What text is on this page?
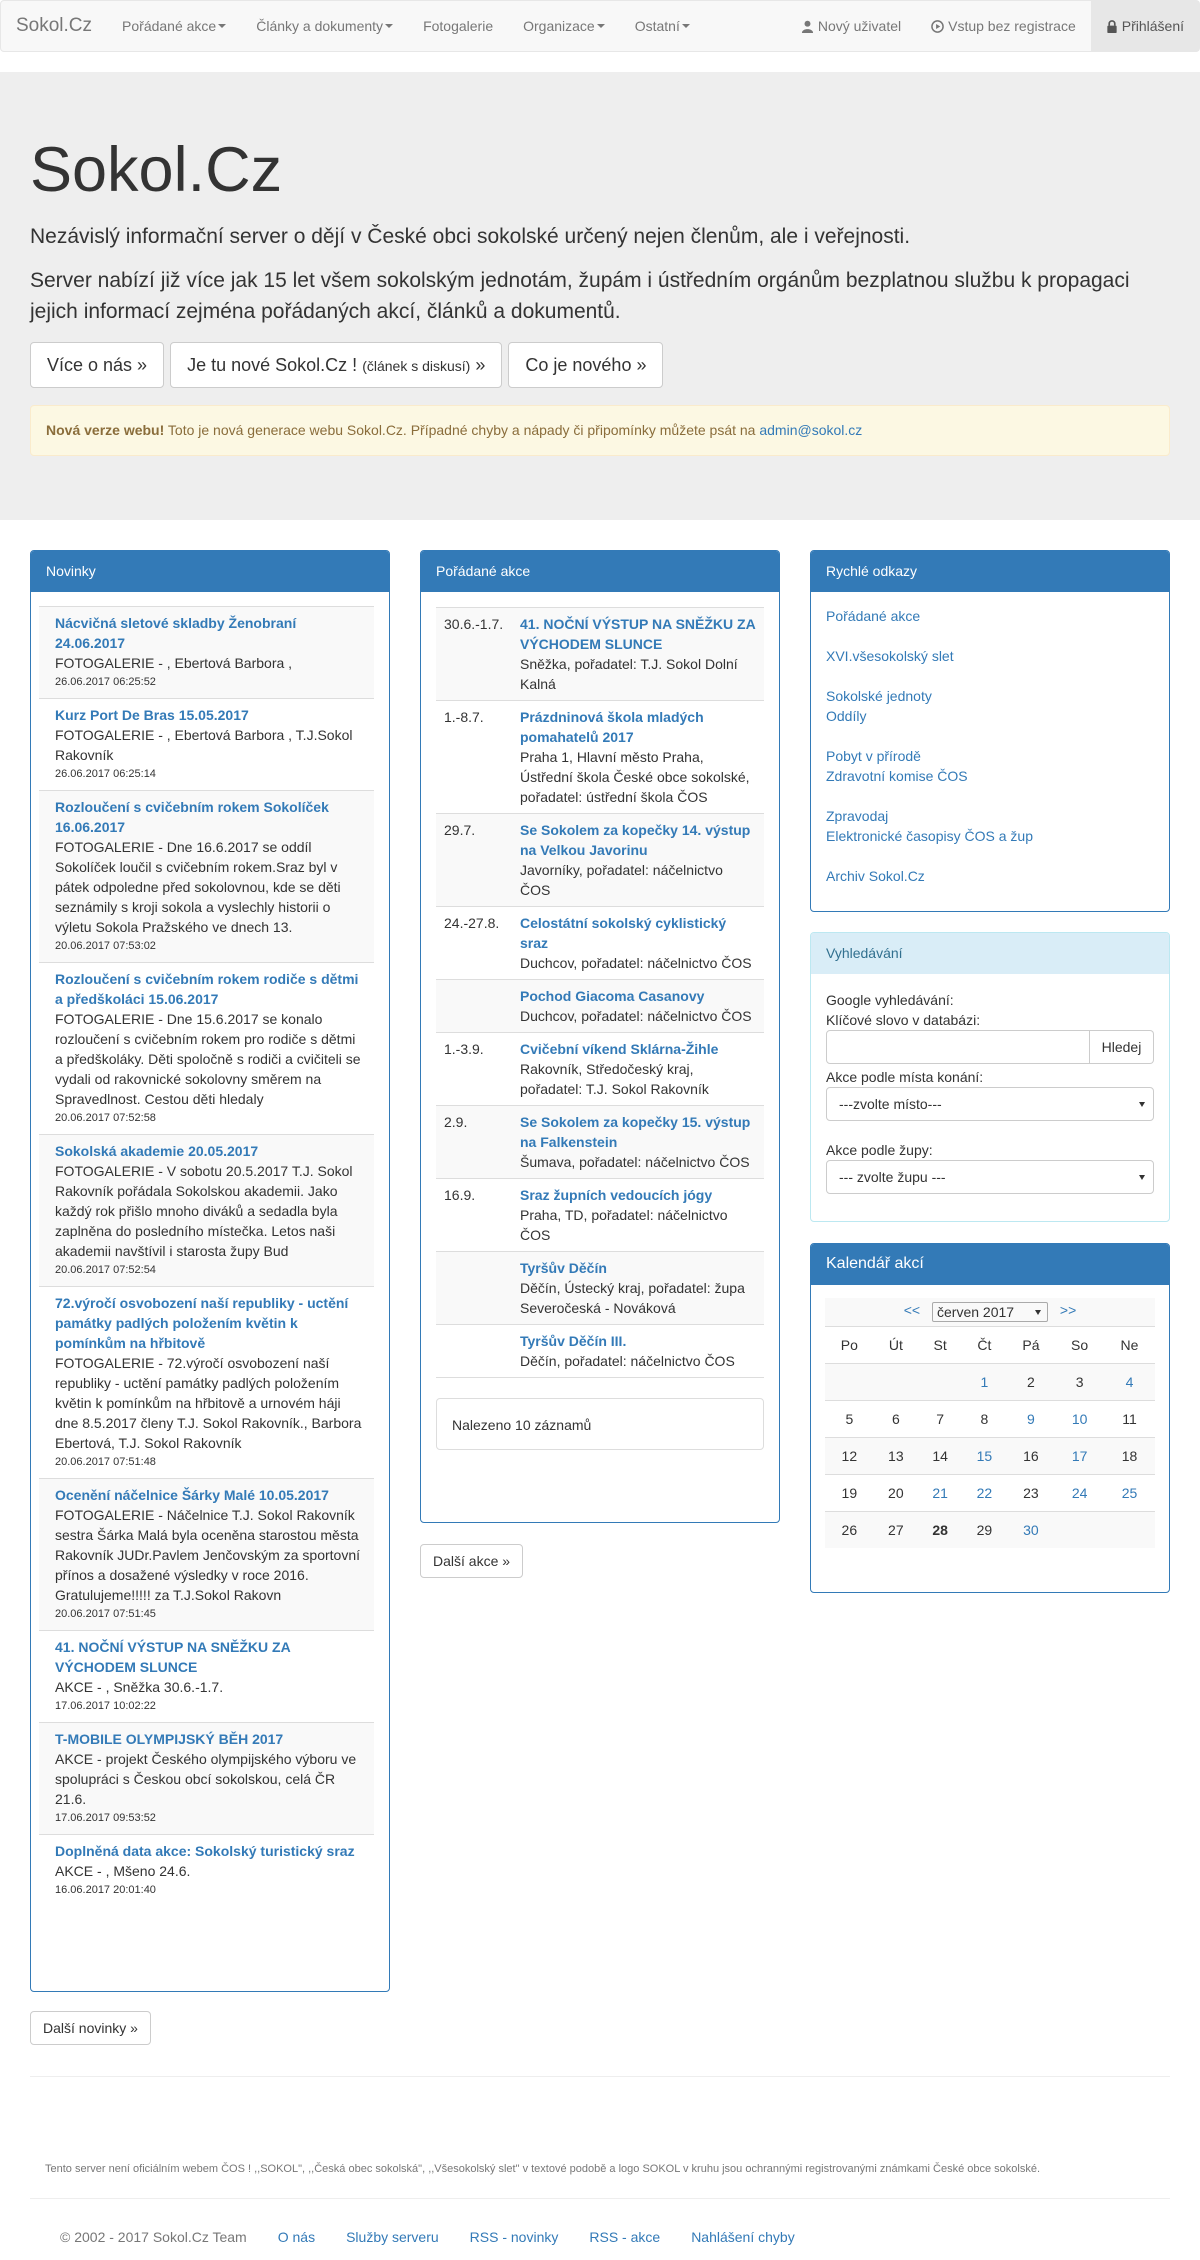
Sokol.Cz	Pořádané akce	Články a dokumenty	Fotogalerie Organizace	Ostatní	Nový uživatel	Vstup bez registrace	Přihlášení
Sokol.Cz

Nezávislý informační server o dějí v České obci sokolské určený nejen členům, ale i veřejnosti.

Server nabízí již více jak 15 let všem sokolským jednotám, župám i ústředním orgánům bezplatnou službu k propagaci jejich informací zejména pořádaných akcí, článků a dokumentů.

Více o nás »	Je tu nové Sokol.Cz ! (článek s diskusí) »	Co je nového »
Nová verze webu! Toto je nová generace webu Sokol.Cz. Případné chyby a nápady či připomínky můžete psát na admin@sokol.cz
Novinky
Nácvičná sletové skladby Ženobraní 24.06.2017
FOTOGALERIE - , Ebertová Barbora ,
26.06.2017 06:25:52
Kurz Port De Bras 15.05.2017
FOTOGALERIE - , Ebertová Barbora , T.J.Sokol Rakovník
26.06.2017 06:25:14
Rozloučení s cvičebním rokem Sokolíček 16.06.2017
FOTOGALERIE - Dne 16.6.2017 se oddíl Sokolíček loučil s cvičebním rokem.Sraz byl v pátek odpoledne před sokolovnou, kde se děti seznámily s kroji sokola a vyslechly historii o výletu Sokola Pražského ve dnech 13.
20.06.2017 07:53:02
Rozloučení s cvičebním rokem rodiče s dětmi a předškoláci 15.06.2017
FOTOGALERIE - Dne 15.6.2017 se konalo rozloučení s cvičebním rokem pro rodiče s dětmi a předškoláky. Děti spoločně s rodiči a cvičiteli se vydali od rakovnické sokolovny směrem na Spravedlnost. Cestou děti hledaly
20.06.2017 07:52:58
Sokolská akademie 20.05.2017
FOTOGALERIE - V sobotu 20.5.2017 T.J. Sokol Rakovník pořádala Sokolskou akademii. Jako každý rok přišlo mnoho diváků a sedadla byla zaplněna do posledního místečka. Letos naši akademii navštívil i starosta župy Bud
20.06.2017 07:52:54
72.výročí osvobození naší republiky - uctění památky padlých položením květin k pomínkům na hřbitově
FOTOGALERIE - 72.výročí osvobození naší republiky - uctění památky padlých položením květin k pomínkům na hřbitově a urnovém háji dne 8.5.2017 členy T.J. Sokol Rakovník., Barbora Ebertová, T.J. Sokol Rakovník
20.06.2017 07:51:48
Ocenění náčelnice Šárky Malé 10.05.2017
FOTOGALERIE - Náčelnice T.J. Sokol Rakovník sestra Šárka Malá byla oceněna starostou města Rakovník JUDr.Pavlem Jenčovským za sportovní přínos a dosažené výsledky v roce 2016. Gratulujeme!!!!! za T.J.Sokol Rakovn
20.06.2017 07:51:45
41. NOČNÍ VÝSTUP NA SNĚŽKU ZA VÝCHODEM SLUNCE
AKCE - , Sněžka 30.6.-1.7.
17.06.2017 10:02:22
T-MOBILE OLYMPIJSKÝ BĚH 2017
AKCE - projekt Českého olympijského výboru ve spolupráci s Českou obcí sokolskou, celá ČR 21.6.
17.06.2017 09:53:52
Doplněná data akce: Sokolský turistický sraz
AKCE - , Mšeno 24.6.
16.06.2017 20:01:40
Další novinky »
Pořádané akce
30.6.-1.7.	41. NOČNÍ VÝSTUP NA SNĚŽKU ZA VÝCHODEM SLUNCE
Sněžka, pořadatel: T.J. Sokol Dolní Kalná
1.-8.7.	Prázdninová škola mladých pomahatelů 2017
Praha 1, Hlavní město Praha, Ústřední škola České obce sokolské, pořadatel: ústřední škola ČOS
29.7.	Se Sokolem za kopečky 14. výstup na Velkou Javorinu
Javorníky, pořadatel: náčelnictvo ČOS
24.-27.8.	Celostátní sokolský cyklistický sraz
Duchcov, pořadatel: náčelnictvo ČOS
Pochod Giacoma Casanovy
Duchcov, pořadatel: náčelnictvo ČOS
1.-3.9.	Cvičební víkend Sklárna-Žihle
Rakovník, Středočeský kraj, pořadatel: T.J. Sokol Rakovník
2.9.	Se Sokolem za kopečky 15. výstup na Falkenstein
Šumava, pořadatel: náčelnictvo ČOS
16.9.	Sraz župních vedoucích jógy
Praha, TD, pořadatel: náčelnictvo ČOS
Tyršův Děčín
Děčín, Ústecký kraj, pořadatel: župa Severočeská - Nováková
Tyršův Děčín III.
Děčín, pořadatel: náčelnictvo ČOS
Nalezeno 10 záznamů
Další akce »
Rychlé odkazy
Pořádané akce
XVI.všesokolský slet
Sokolské jednoty
Oddíly
Pobyt v přírodě
Zdravotní komise ČOS
Zpravodaj
Elektronické časopisy ČOS a žup
Archiv Sokol.Cz
Vyhledávání
Google vyhledávání:
Klíčové slovo v databázi:
Hledej
Akce podle místa konání:
---zvolte místo---
Akce podle župy:
--- zvolte župu ---
Kalendář akcí
<< červen 2017 >>						
Po	Út	St	Čt	Pá	So	Ne
			1	2	3	4
5	6	7	8	9	10	11
12	13	14	15	16	17	18
19	20	21	22	23	24	25
26	27	28	29	30		
Tento server není oficiálním webem ČOS ! ,,SOKOL", ,,Česká obec sokolská", ,,Všesokolský slet" v textové podobě a logo SOKOL v kruhu jsou ochrannými registrovanými známkami České obce sokolské.
© 2002 - 2017 Sokol.Cz Team O nás Služby serveru RSS - novinky RSS - akce Nahlášení chyby
